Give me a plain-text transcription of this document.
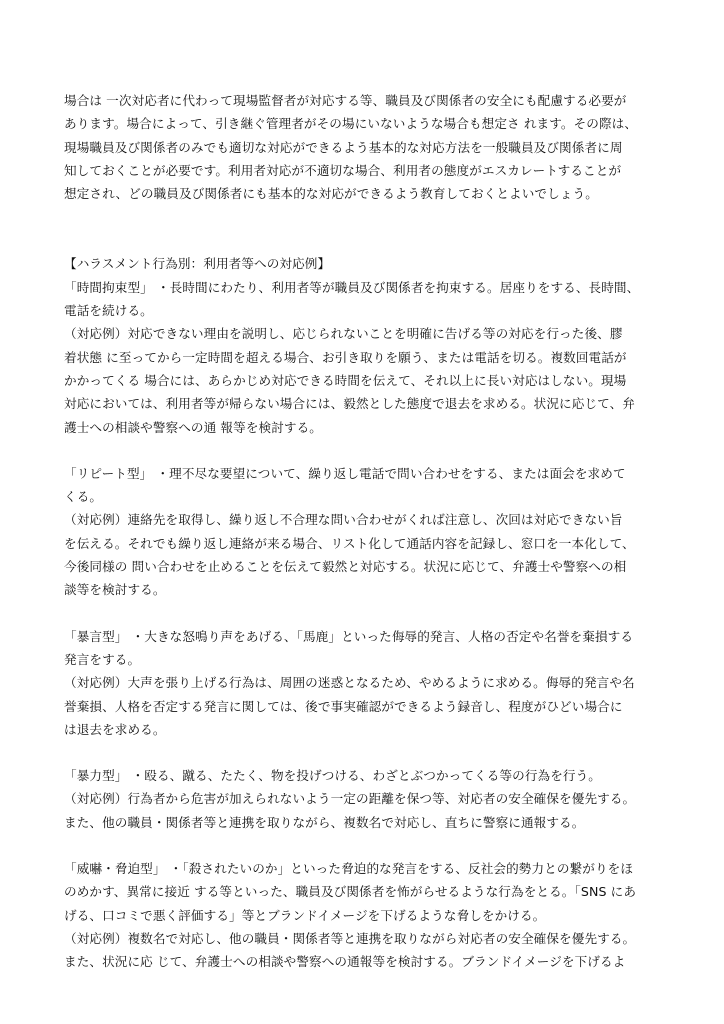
場合は 一次対応者に代わって現場監督者が対応する等、職員及び関係者の安全にも配慮する必要が
あります。場合によって、引き継ぐ管理者がその場にいないような場合も想定さ れます。その際は、
現場職員及び関係者のみでも適切な対応ができるよう基本的な対応方法を一般職員及び関係者に周
知しておくことが必要です。利用者対応が不適切な場合、利用者の態度がエスカレートすることが
想定され、どの職員及び関係者にも基本的な対応ができるよう教育しておくとよいでしょう。

【ハラスメント行為別：利用者等への対応例】

「時間拘束型」 ・長時間にわたり、利用者等が職員及び関係者を拘束する。居座りをする、長時間、
電話を続ける。
（対応例）対応できない理由を説明し、応じられないことを明確に告げる等の対応を行った後、膠
着状態 に至ってから一定時間を超える場合、お引き取りを願う、または電話を切る。複数回電話が
かかってくる 場合には、あらかじめ対応できる時間を伝えて、それ以上に長い対応はしない。現場
対応においては、利用者等が帰らない場合には、毅然とした態度で退去を求める。状況に応じて、弁
護士への相談や警察への通 報等を検討する。

「リピート型」 ・理不尽な要望について、繰り返し電話で問い合わせをする、または面会を求めて
くる。
（対応例）連絡先を取得し、繰り返し不合理な問い合わせがくれば注意し、次回は対応できない旨
を伝える。それでも繰り返し連絡が来る場合、リスト化して通話内容を記録し、窓口を一本化して、
今後同様の 問い合わせを止めることを伝えて毅然と対応する。状況に応じて、弁護士や警察への相
談等を検討する。

「暴言型」 ・大きな怒鳴り声をあげる、「馬鹿」といった侮辱的発言、人格の否定や名誉を棄損する
発言をする。
（対応例）大声を張り上げる行為は、周囲の迷惑となるため、やめるように求める。侮辱的発言や名
誉棄損、人格を否定する発言に関しては、後で事実確認ができるよう録音し、程度がひどい場合に
は退去を求める。

「暴力型」 ・殴る、蹴る、たたく、物を投げつける、わざとぶつかってくる等の行為を行う。
（対応例）行為者から危害が加えられないよう一定の距離を保つ等、対応者の安全確保を優先する。
また、他の職員・関係者等と連携を取りながら、複数名で対応し、直ちに警察に通報する。

「威嚇・脅迫型」 ・「殺されたいのか」といった脅迫的な発言をする、反社会的勢力との繋がりをほ
のめかす、異常に接近 する等といった、職員及び関係者を怖がらせるような行為をとる。「SNS にあ
げる、口コミで悪く評価する」等とブランドイメージを下げるような脅しをかける。
（対応例）複数名で対応し、他の職員・関係者等と連携を取りながら対応者の安全確保を優先する。
また、状況に応 じて、弁護士への相談や警察への通報等を検討する。ブランドイメージを下げるよ
